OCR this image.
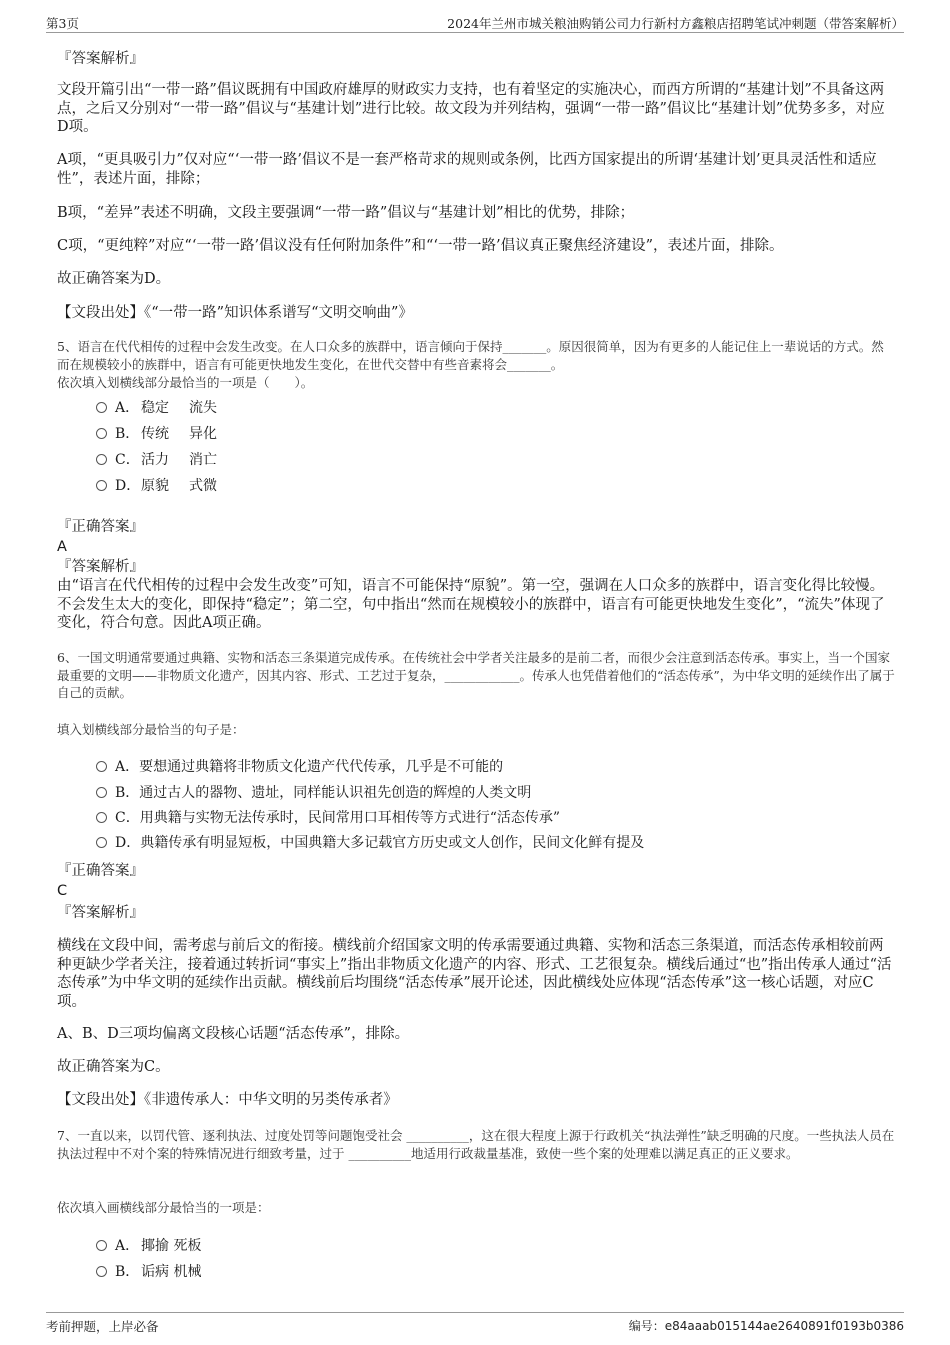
第3页	2024年兰州市城关粮油购销公司力行新村方鑫粮店招聘笔试冲刺题（带答案解析）
『答案解析』
文段开篇引出“一带一路”倡议既拥有中国政府雄厚的财政实力支持，也有着坚定的实施决心，而西方所谓的“基建计划”不具备这两点，之后又分别对“一带一路”倡议与“基建计划”进行比较。故文段为并列结构，强调“一带一路”倡议比“基建计划”优势多多，对应D项。
A项，“更具吸引力”仅对应“‘一带一路’倡议不是一套严格苛求的规则或条例，比西方国家提出的所谓‘基建计划’更具灵活性和适应性”，表述片面，排除；
B项，“差异”表述不明确，文段主要强调“一带一路”倡议与“基建计划”相比的优势，排除；
C项，“更纯粹”对应“‘一带一路’倡议没有任何附加条件”和“‘一带一路’倡议真正聚焦经济建设”，表述片面，排除。
故正确答案为D。
【文段出处】《“一带一路”知识体系谱写“文明交响曲”》
5、语言在代代相传的过程中会发生改变。在人口众多的族群中，语言倾向于保持_______。原因很简单，因为有更多的人能记住上一辈说话的方式。然而在规模较小的族群中，语言有可能更快地发生变化，在世代交替中有些音素将会_______。
依次填入划横线部分最恰当的一项是（　　）。
A． 稳定 流失
B． 传统 异化
C．活力 消亡
D．原貌 式微
『正确答案』
A
『答案解析』
由“语言在代代相传的过程中会发生改变”可知，语言不可能保持“原貌”。第一空，强调在人口众多的族群中，语言变化得比较慢。不会发生太大的变化，即保持“稳定”；第二空，句中指出“然而在规模较小的族群中，语言有可能更快地发生变化”，“流失”体现了变化，符合句意。因此A项正确。
6、一国文明通常要通过典籍、实物和活态三条渠道完成传承。在传统社会中学者关注最多的是前二者，而很少会注意到活态传承。事实上，当一个国家最重要的文明——非物质文化遗产，因其内容、形式、工艺过于复杂，____________。传承人也凭借着他们的“活态传承”，为中华文明的延续作出了属于自己的贡献。
填入划横线部分最恰当的句子是：
A．要想通过典籍将非物质文化遗产代代传承，几乎是不可能的
B．通过古人的器物、遗址，同样能认识祖先创造的辉煌的人类文明
C．用典籍与实物无法传承时，民间常用口耳相传等方式进行“活态传承”
D．典籍传承有明显短板，中国典籍大多记载官方历史或文人创作，民间文化鲜有提及
『正确答案』
C
『答案解析』
横线在文段中间，需考虑与前后文的衔接。横线前介绍国家文明的传承需要通过典籍、实物和活态三条渠道，而活态传承相较前两种更缺少学者关注，接着通过转折词“事实上”指出非物质文化遗产的内容、形式、工艺很复杂。横线后通过“也”指出传承人通过“活态传承”为中华文明的延续作出贡献。横线前后均围绕“活态传承”展开论述，因此横线处应体现“活态传承”这一核心话题，对应C项。
A、B、D三项均偏离文段核心话题“活态传承”，排除。
故正确答案为C。
【文段出处】《非遗传承人：中华文明的另类传承者》
7、一直以来，以罚代管、逐利执法、过度处罚等问题饱受社会 __________，这在很大程度上源于行政机关“执法弹性”缺乏明确的尺度。一些执法人员在执法过程中不对个案的特殊情况进行细致考量，过于 __________地适用行政裁量基准，致使一些个案的处理难以满足真正的正义要求。
依次填入画横线部分最恰当的一项是：
A． 揶揄 死板
B． 诟病 机械
考前押题，上岸必备	编号：e84aaab015144ae2640891f0193b0386
